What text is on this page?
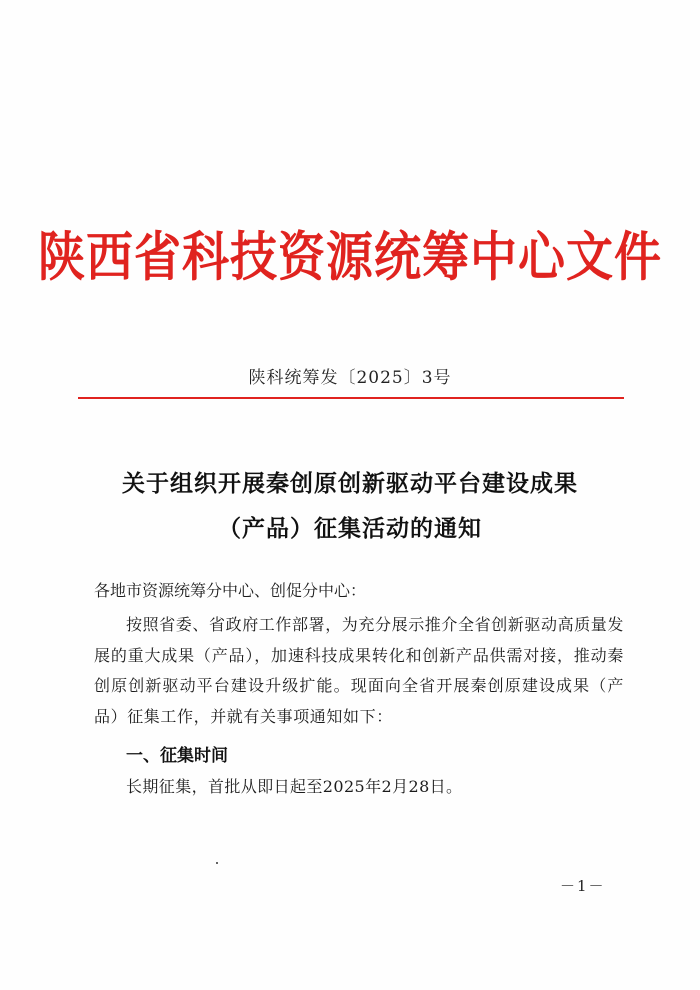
陕西省科技资源统筹中心文件
陕科统筹发〔2025〕3号
关于组织开展秦创原创新驱动平台建设成果
（产品）征集活动的通知
各地市资源统筹分中心、创促分中心：
按照省委、省政府工作部署，为充分展示推介全省创新驱动高质量发展的重大成果（产品），加速科技成果转化和创新产品供需对接，推动秦创原创新驱动平台建设升级扩能。现面向全省开展秦创原建设成果（产品）征集工作，并就有关事项通知如下：
一、征集时间
长期征集，首批从即日起至2025年2月28日。
－1－
